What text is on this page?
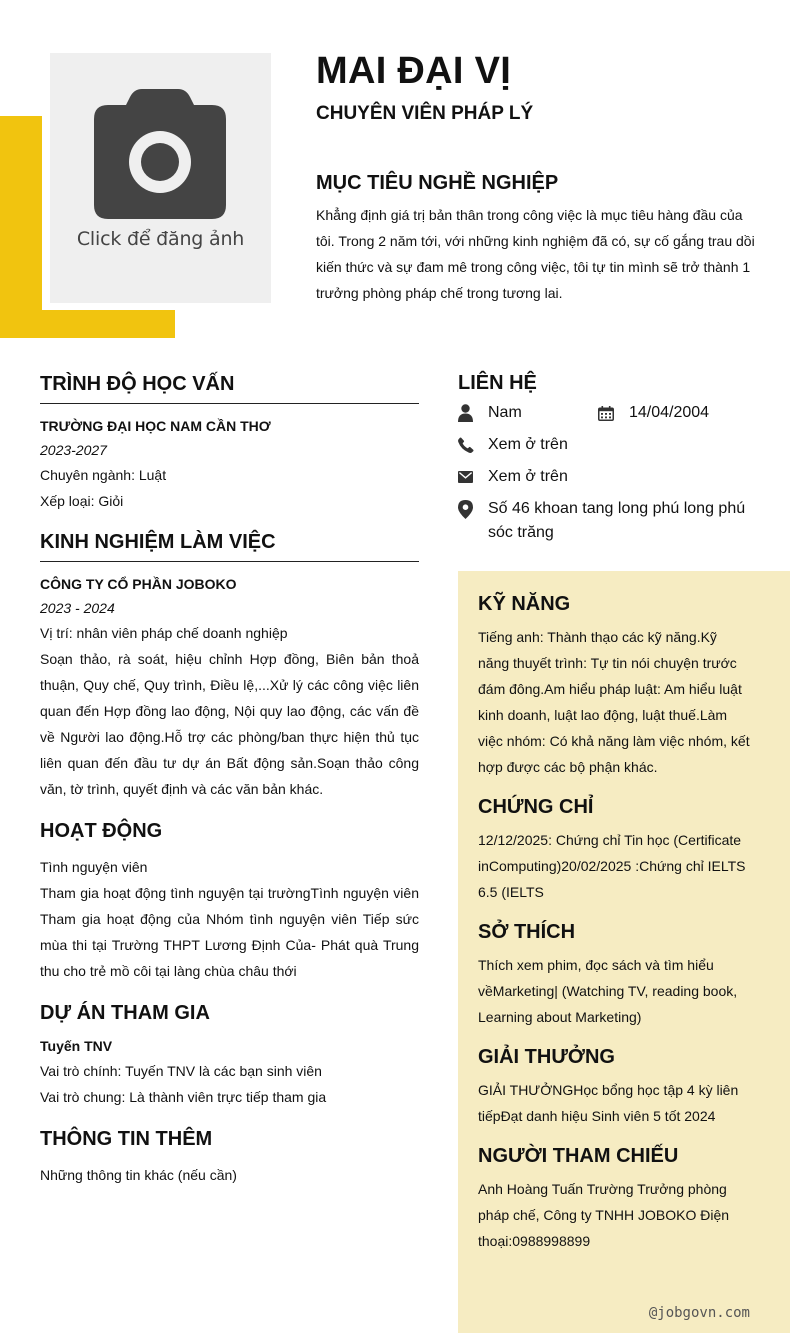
Click để đăng ảnh
MAI ĐẠI VỊ
CHUYÊN VIÊN PHÁP LÝ
MỤC TIÊU NGHỀ NGHIỆP

Khẳng định giá trị bản thân trong công việc là mục tiêu hàng đầu của tôi. Trong 2 năm tới, với những kinh nghiệm đã có, sự cố gắng trau dồi kiến thức và sự đam mê trong công việc, tôi tự tin mình sẽ trở thành 1 trưởng phòng pháp chế trong tương lai.

TRÌNH ĐỘ HỌC VẤN

TRƯỜNG ĐẠI HỌC NAM CẦN THƠ

2023-2027

Chuyên ngành: Luật

Xếp loại: Giỏi

KINH NGHIỆM LÀM VIỆC

CÔNG TY CỔ PHẦN JOBOKO

2023 - 2024

Vị trí: nhân viên pháp chế doanh nghiệp

Soạn thảo, rà soát, hiệu chỉnh Hợp đồng, Biên bản thoả thuận, Quy chế, Quy trình, Điều lệ,...Xử lý các công việc liên quan đến Hợp đồng lao động, Nội quy lao động, các vấn đề về Người lao động.Hỗ trợ các phòng/ban thực hiện thủ tục liên quan đến đầu tư dự án Bất động sản.Soạn thảo công văn, tờ trình, quyết định và các văn bản khác.

HOẠT ĐỘNG

Tình nguyện viên

Tham gia hoạt động tình nguyện tại trườngTình nguyện viên Tham gia hoạt động của Nhóm tình nguyện viên Tiếp sức mùa thi tại Trường THPT Lương Định Của- Phát quà Trung thu cho trẻ mồ côi tại làng chùa châu thới

DỰ ÁN THAM GIA

Tuyến TNV

Vai trò chính: Tuyến TNV là các bạn sinh viên

Vai trò chung: Là thành viên trực tiếp tham gia

THÔNG TIN THÊM

Những thông tin khác (nếu cần)

LIÊN HỆ
Nam	14/04/2004
Xem ở trên
Xem ở trên
Số 46 khoan tang long phú long phú sóc trăng
KỸ NĂNG

Tiếng anh: Thành thạo các kỹ năng.Kỹ năng thuyết trình: Tự tin nói chuyện trước đám đông.Am hiểu pháp luật: Am hiểu luật kinh doanh, luật lao động, luật thuế.Làm việc nhóm: Có khả năng làm việc nhóm, kết hợp được các bộ phận khác.

CHỨNG CHỈ

12/12/2025: Chứng chỉ Tin học (Certificate inComputing)20/02/2025 :Chứng chỉ IELTS 6.5 (IELTS

SỞ THÍCH

Thích xem phim, đọc sách và tìm hiểu vềMarketing| (Watching TV, reading book, Learning about Marketing)

GIẢI THƯỞNG

GIẢI THƯỞNGHọc bổng học tập 4 kỳ liên tiếpĐạt danh hiệu Sinh viên 5 tốt 2024

NGƯỜI THAM CHIẾU

Anh Hoàng Tuấn Trường Trưởng phòng pháp chế, Công ty TNHH JOBOKO Điện thoại:0988998899

@jobgovn.com
